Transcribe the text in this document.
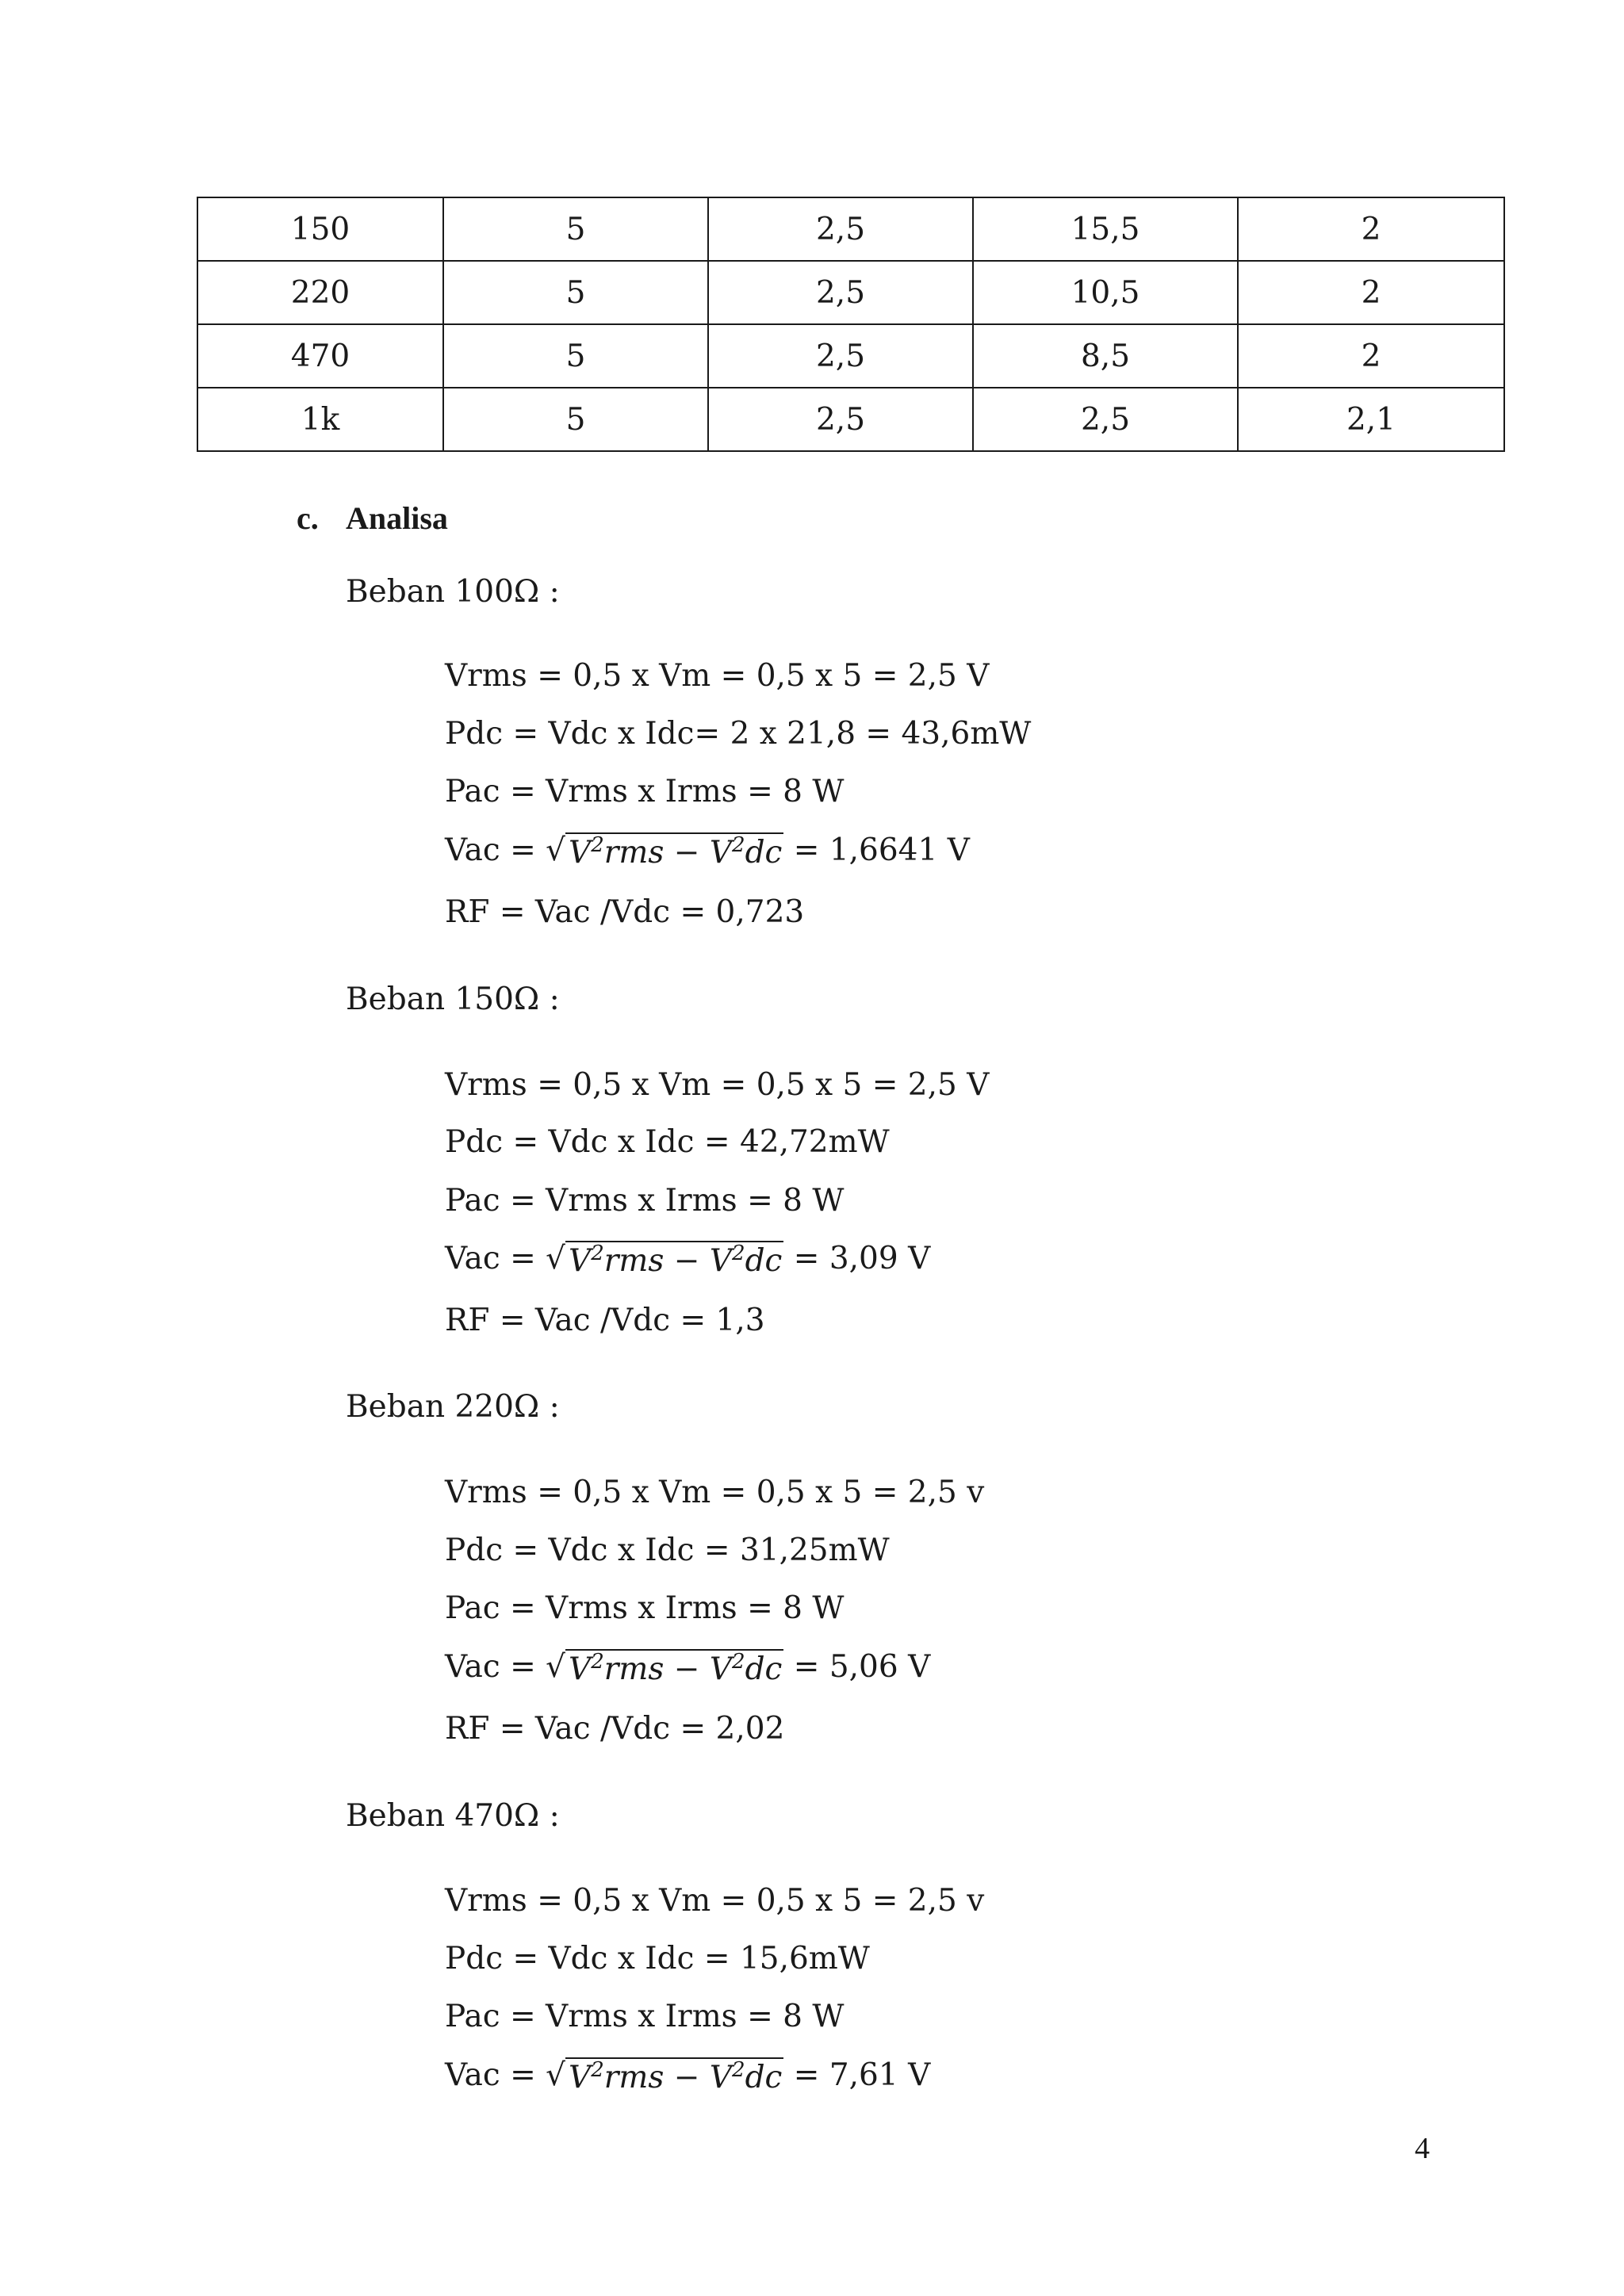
150	5	2,5	15,5	2
220	5	2,5	10,5	2
470	5	2,5	8,5	2
1k	5	2,5	2,5	2,1
c. Analisa
Beban 100Ω :
Vrms = 0,5 x Vm = 0,5 x 5 = 2,5 V
Pdc = Vdc x Idc= 2 x 21,8 = 43,6mW
Pac = Vrms x Irms = 8 W
Vac = √ $V^2rms - V^2dc = 1,6641$ V
RF = Vac /Vdc = 0,723
Beban 150Ω :
Vrms = 0,5 x Vm = 0,5 x 5 = 2,5 V
Pdc = Vdc x Idc = 42,72mW
Pac = Vrms x Irms = 8 W
Vac = √ $V^2rms - V^2dc = 3,09$ V
RF = Vac /Vdc = 1,3
Beban 220Ω :
Vrms = 0,5 x Vm = 0,5 x 5 = 2,5 v
Pdc = Vdc x Idc = 31,25mW
Pac = Vrms x Irms = 8 W
Vac = √ $V^2rms - V^2dc = 5,06$ V
RF = Vac /Vdc = 2,02
Beban 470Ω :
Vrms = 0,5 x Vm = 0,5 x 5 = 2,5 v
Pdc = Vdc x Idc = 15,6mW
Pac = Vrms x Irms = 8 W
Vac = √ $V^2rms - V^2dc = 7,61$ V
4
